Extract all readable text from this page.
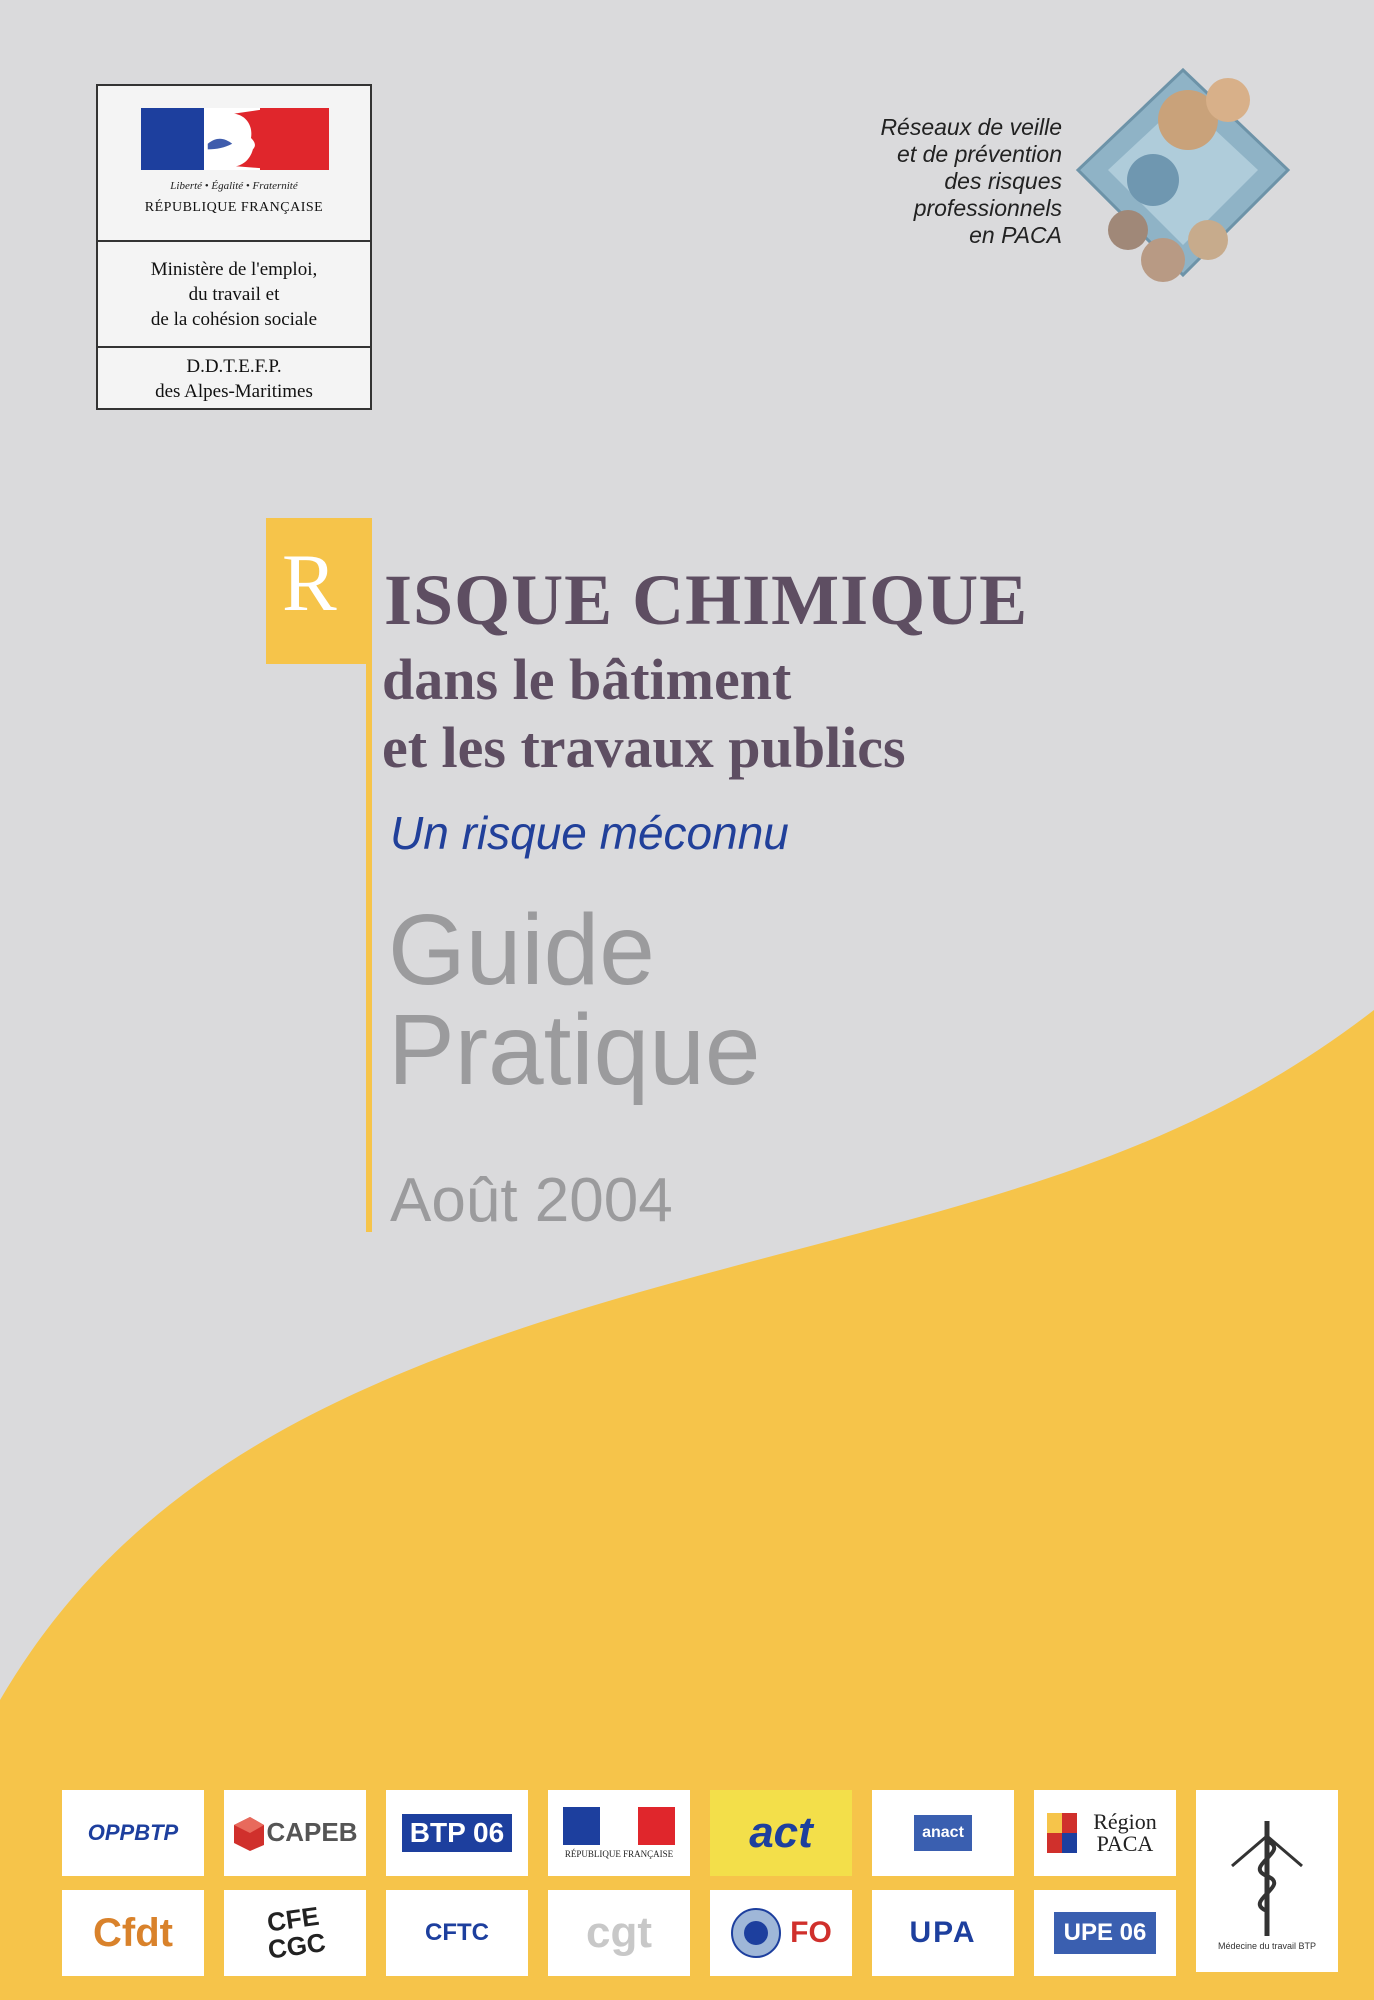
Liberté • Égalité • Fraternité
RÉPUBLIQUE FRANÇAISE
Ministère de l'emploi,
du travail et
de la cohésion sociale
D.D.T.E.F.P.
des Alpes-Maritimes
Réseaux de veille
et de prévention
des risques
professionnels
en PACA
R ISQUE CHIMIQUE
dans le bâtiment
et les travaux publics
Un risque méconnu
Guide
Pratique
Août 2004
OPPBTP	CAPEB BTP 06
RÉPUBLIQUE FRANÇAISE act	anact	Région PACA
Médecine du travail BTP
Cfdt	CFE CGC	CFTC cgt	FO	UPA	UPE 06
